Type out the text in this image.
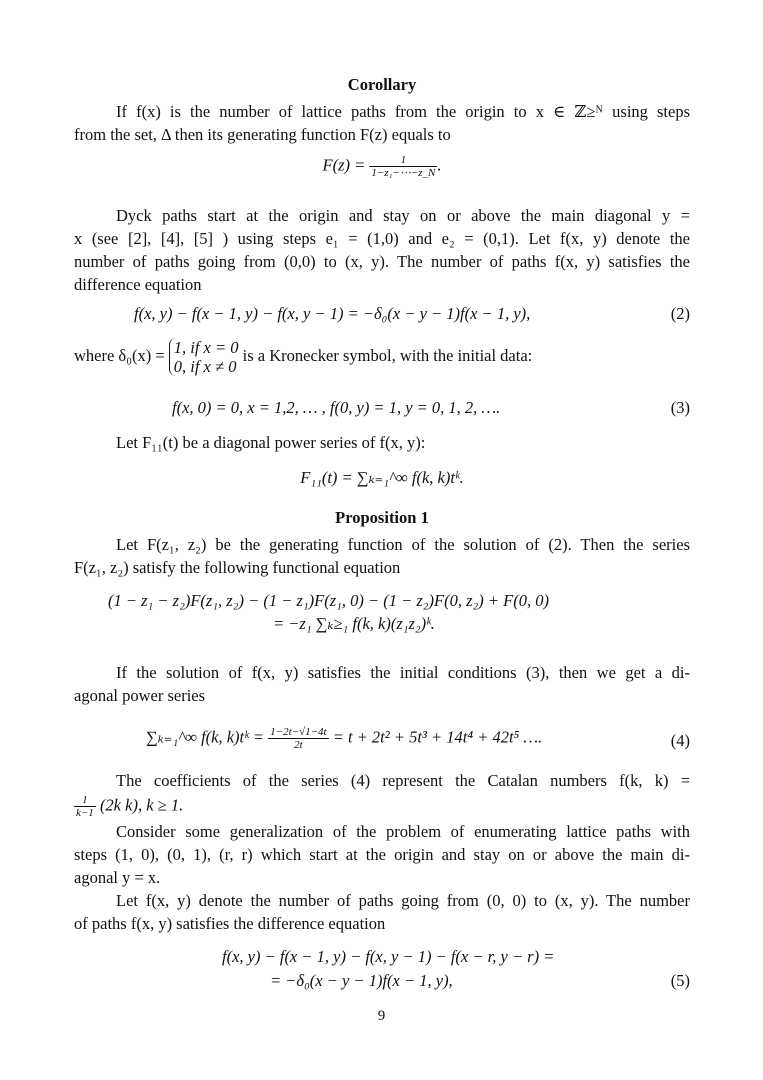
Corollary
If f(x) is the number of lattice paths from the origin to x ∈ ℤ≥ᴺ using steps
from the set, Δ then its generating function F(z) equals to
$F(z) = \frac{1}{\text{1−z₁−⋯−z\_N}}$ .
Dyck paths start at the origin and stay on or above the main diagonal y =
x (see [2], [4], [5] ) using steps e₁ = (1,0) and e₂ = (0,1). Let f(x, y) denote the
number of paths going from (0,0) to (x, y). The number of paths f(x, y) satisfies the
difference equation
f(x, y) − f(x − 1, y) − f(x, y − 1) = −δ₀(x − y − 1)f(x − 1, y),	(2)
where δ₀(x) = 1, if x = 0
0, if x ≠ 0
is a Kronecker symbol, with the initial data:
f(x, 0) = 0, x = 1,2, … , f(0, y) = 1, y = 0, 1, 2, ….	(3)
Let F₁₁(t) be a diagonal power series of f(x, y):
F₁₁(t) = ∑ₖ₌₁^∞ f(k, k)tᵏ.
Proposition 1
Let F(z₁, z₂) be the generating function of the solution of (2). Then the series
F(z₁, z₂) satisfy the following functional equation
(1 − z₁ − z₂)F(z₁, z₂) − (1 − z₁)F(z₁, 0) − (1 − z₂)F(0, z₂) + F(0, 0)
= −z₁ ∑ₖ≥₁ f(k, k)(z₁z₂)ᵏ.
If the solution of f(x, y) satisfies the initial conditions (3), then we get a di-
agonal power series
∑ₖ₌₁^∞ f(k, k)tᵏ = $\frac{1-2t-√1-4t}{2t} = t + 2t^2 + 5t^3 + 14t^4 + 42t^5$ ….	(4)
The coefficients of the series (4) represent the Catalan numbers f(k, k) =
$\frac{1}{k-1} (2k$ k), k ≥ 1.
Consider some generalization of the problem of enumerating lattice paths with
steps (1, 0), (0, 1), (r, r) which start at the origin and stay on or above the main di-
agonal y = x.
Let f(x, y) denote the number of paths going from (0, 0) to (x, y). The number
of paths f(x, y) satisfies the difference equation
f(x, y) − f(x − 1, y) − f(x, y − 1) − f(x − r, y − r) =
= −δ₀(x − y − 1)f(x − 1, y),	(5)
9
